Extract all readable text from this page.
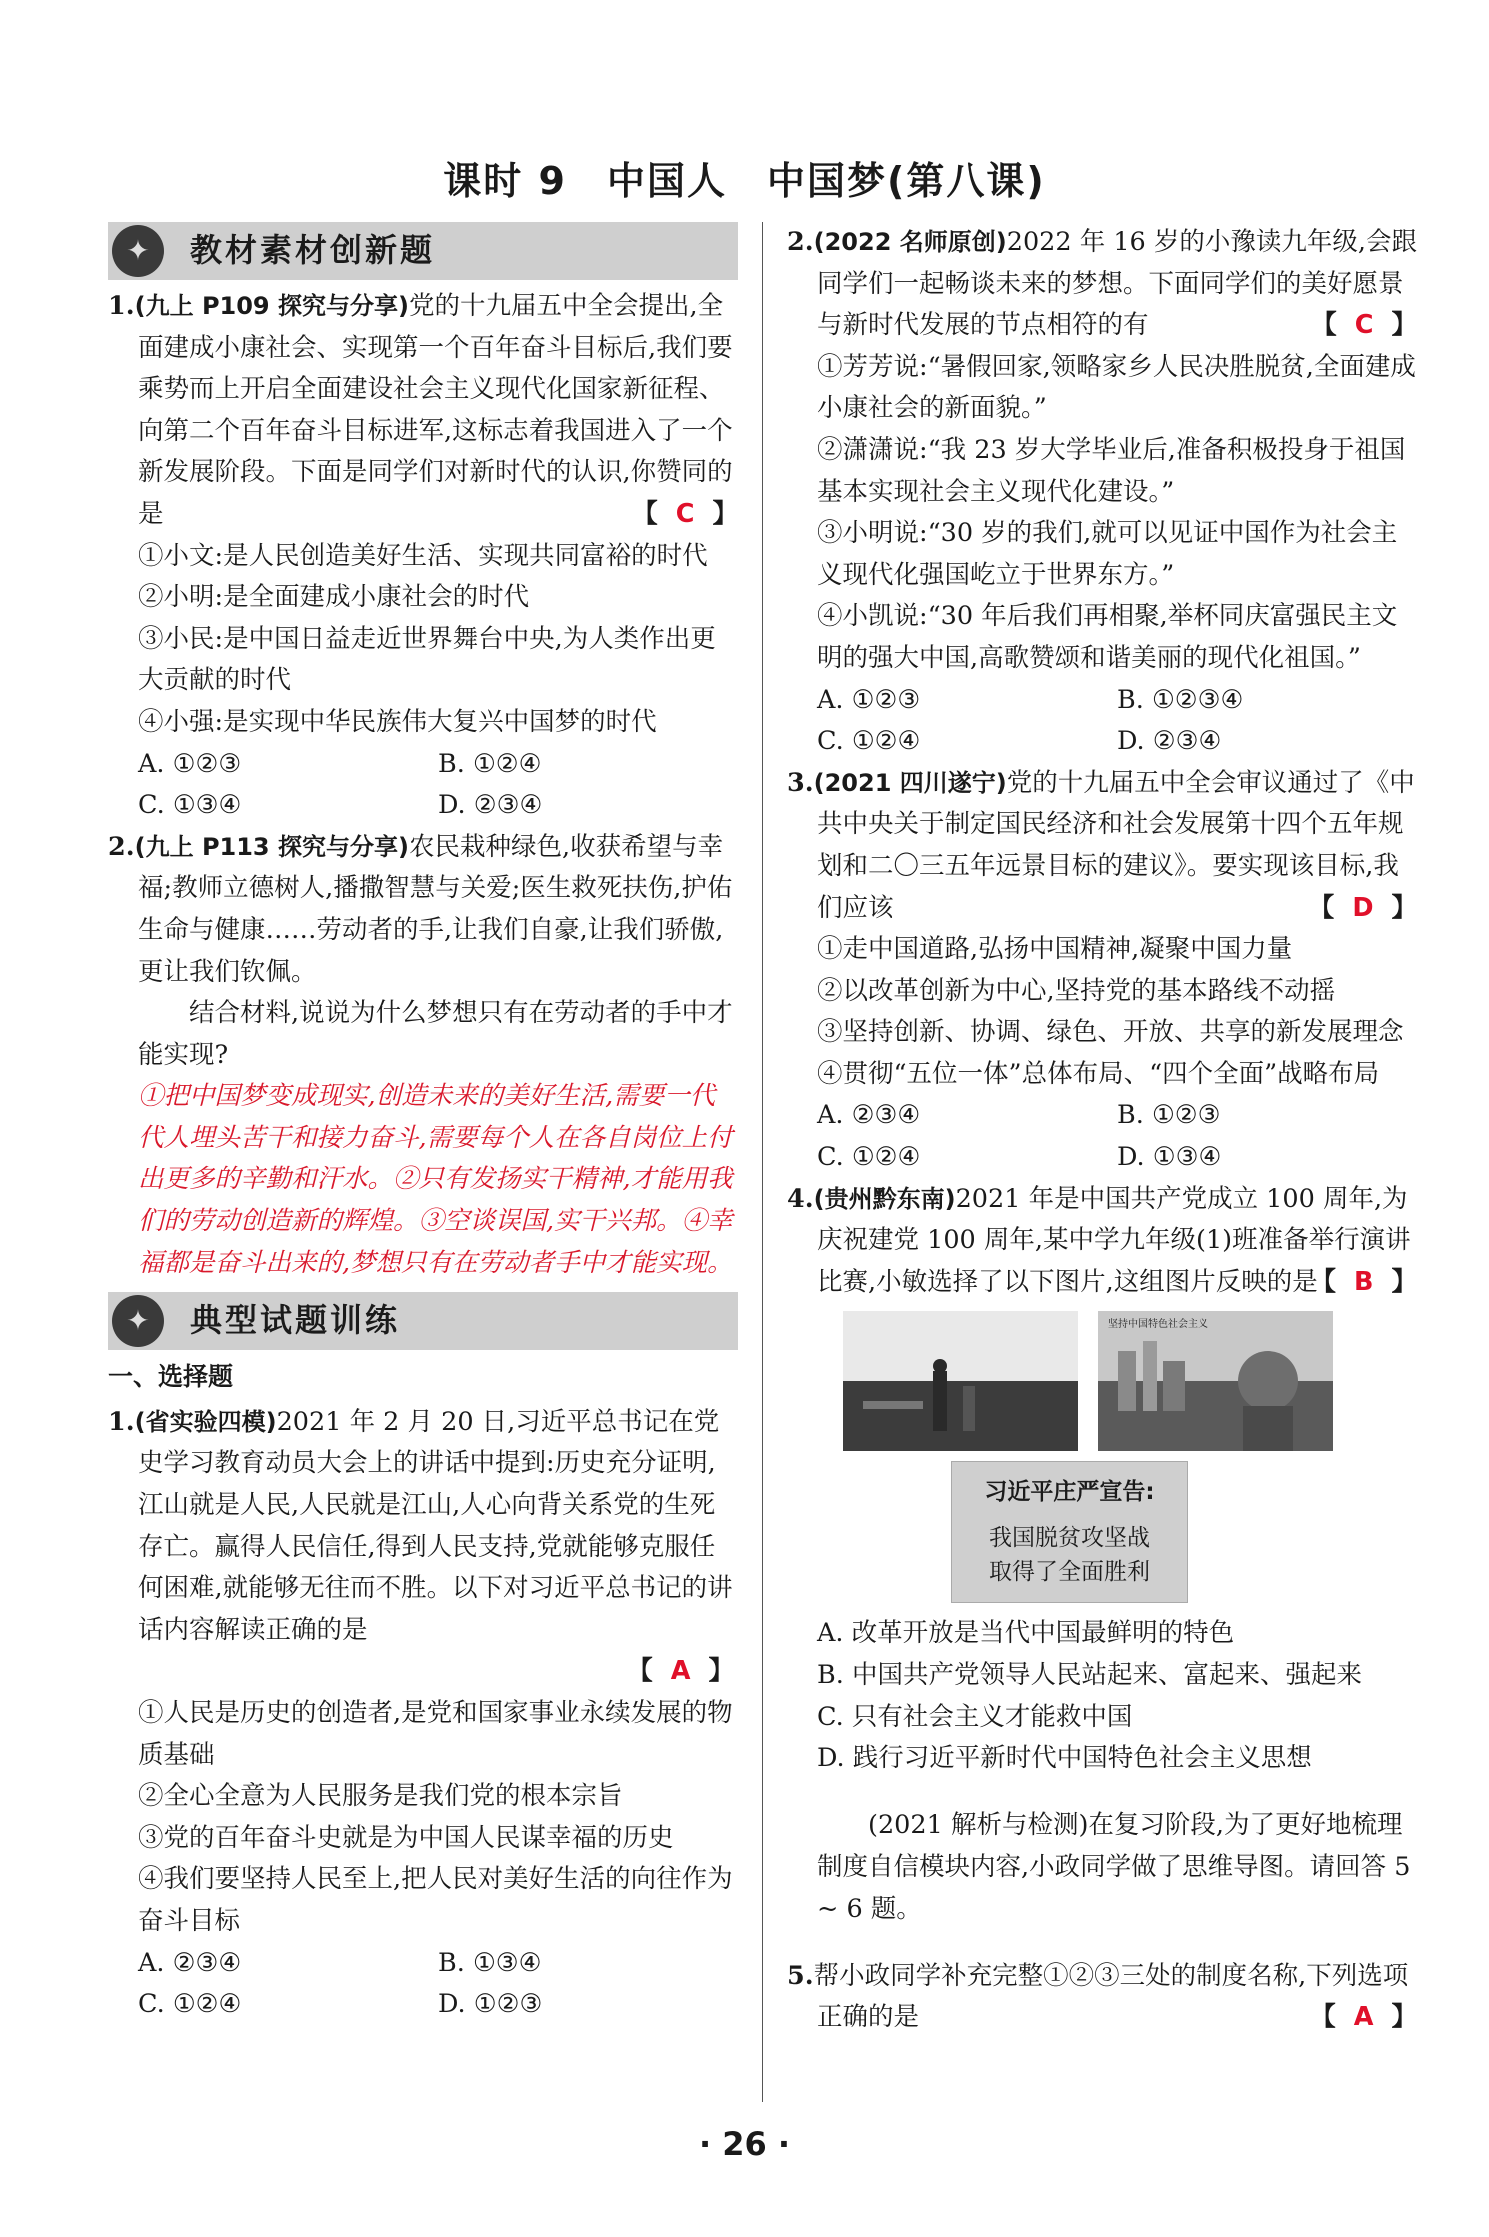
课时 9　中国人　中国梦(第八课)
✦	教材素材创新题

1.(九上 P109 探究与分享)党的十九届五中全会提出,全面建成小康社会、实现第一个百年奋斗目标后,我们要乘势而上开启全面建设社会主义现代化国家新征程、向第二个百年奋斗目标进军,这标志着我国进入了一个新发展阶段。下面是同学们对新时代的认识,你赞同的是	【 C 】

①小文:是人民创造美好生活、实现共同富裕的时代

②小明:是全面建成小康社会的时代

③小民:是中国日益走近世界舞台中央,为人类作出更大贡献的时代

④小强:是实现中华民族伟大复兴中国梦的时代

A. ①②③	B. ①②④
C. ①③④	D. ②③④

2.(九上 P113 探究与分享)农民栽种绿色,收获希望与幸福;教师立德树人,播撒智慧与关爱;医生救死扶伤,护佑生命与健康……劳动者的手,让我们自豪,让我们骄傲,更让我们钦佩。

结合材料,说说为什么梦想只有在劳动者的手中才能实现?

①把中国梦变成现实,创造未来的美好生活,需要一代代人埋头苦干和接力奋斗,需要每个人在各自岗位上付出更多的辛勤和汗水。②只有发扬实干精神,才能用我们的劳动创造新的辉煌。③空谈误国,实干兴邦。④幸福都是奋斗出来的,梦想只有在劳动者手中才能实现。

✦	典型试题训练
一、选择题

1.(省实验四模)2021 年 2 月 20 日,习近平总书记在党史学习教育动员大会上的讲话中提到:历史充分证明,江山就是人民,人民就是江山,人心向背关系党的生死存亡。赢得人民信任,得到人民支持,党就能够克服任何困难,就能够无往而不胜。以下对习近平总书记的讲话内容解读正确的是

【 A 】

①人民是历史的创造者,是党和国家事业永续发展的物质基础

②全心全意为人民服务是我们党的根本宗旨

③党的百年奋斗史就是为中国人民谋幸福的历史

④我们要坚持人民至上,把人民对美好生活的向往作为奋斗目标

A. ②③④	B. ①③④
C. ①②④	D. ①②③

2.(2022 名师原创)2022 年 16 岁的小豫读九年级,会跟同学们一起畅谈未来的梦想。下面同学们的美好愿景与新时代发展的节点相符的有	【 C 】

①芳芳说:“暑假回家,领略家乡人民决胜脱贫,全面建成小康社会的新面貌。”

②潇潇说:“我 23 岁大学毕业后,准备积极投身于祖国基本实现社会主义现代化建设。”

③小明说:“30 岁的我们,就可以见证中国作为社会主义现代化强国屹立于世界东方。”

④小凯说:“30 年后我们再相聚,举杯同庆富强民主文明的强大中国,高歌赞颂和谐美丽的现代化祖国。”

A. ①②③	B. ①②③④
C. ①②④	D. ②③④

3.(2021 四川遂宁)党的十九届五中全会审议通过了《中共中央关于制定国民经济和社会发展第十四个五年规划和二〇三五年远景目标的建议》。要实现该目标,我们应该	【 D 】

①走中国道路,弘扬中国精神,凝聚中国力量

②以改革创新为中心,坚持党的基本路线不动摇

③坚持创新、协调、绿色、开放、共享的新发展理念

④贯彻“五位一体”总体布局、“四个全面”战略布局

A. ②③④	B. ①②③
C. ①②④	D. ①③④

4.(贵州黔东南)2021 年是中国共产党成立 100 周年,为庆祝建党 100 周年,某中学九年级(1)班准备举行演讲比赛,小敏选择了以下图片,这组图片反映的是
【 B 】

坚持中国特色社会主义
习近平庄严宣告:
我国脱贫攻坚战
取得了全面胜利

A. 改革开放是当代中国最鲜明的特色

B. 中国共产党领导人民站起来、富起来、强起来

C. 只有社会主义才能救中国

D. 践行习近平新时代中国特色社会主义思想

(2021 解析与检测)在复习阶段,为了更好地梳理制度自信模块内容,小政同学做了思维导图。请回答 5 ~ 6 题。

5.帮小政同学补充完整①②③三处的制度名称,下列选项正确的是	【 A 】

· 26 ·
